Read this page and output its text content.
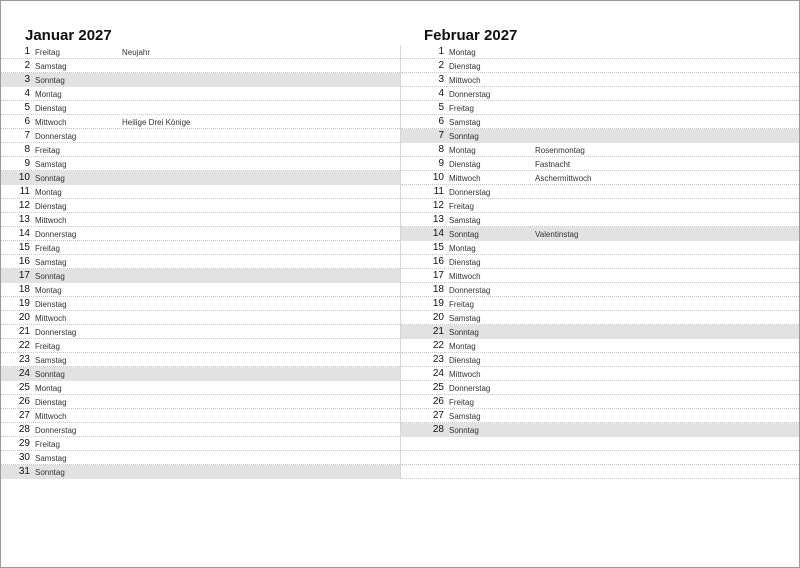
Januar 2027
1 Freitag	Neujahr
2 Samstag
3 Sonntag
4 Montag
5 Dienstag
6 Mittwoch	Heilige Drei Könige
7 Donnerstag
8 Freitag
9 Samstag
10 Sonntag
11 Montag
12 Dienstag
13 Mittwoch
14 Donnerstag
15 Freitag
16 Samstag
17 Sonntag
18 Montag
19 Dienstag
20 Mittwoch
21 Donnerstag
22 Freitag
23 Samstag
24 Sonntag
25 Montag
26 Dienstag
27 Mittwoch
28 Donnerstag
29 Freitag
30 Samstag
31 Sonntag
Februar 2027
1 Montag
2 Dienstag
3 Mittwoch
4 Donnerstag
5 Freitag
6 Samstag
7 Sonntag
8 Montag	Rosenmontag
9 Dienstag	Fastnacht
10 Mittwoch	Aschermittwoch
11 Donnerstag
12 Freitag
13 Samstag
14 Sonntag	Valentinstag
15 Montag
16 Dienstag
17 Mittwoch
18 Donnerstag
19 Freitag
20 Samstag
21 Sonntag
22 Montag
23 Dienstag
24 Mittwoch
25 Donnerstag
26 Freitag
27 Samstag
28 Sonntag
